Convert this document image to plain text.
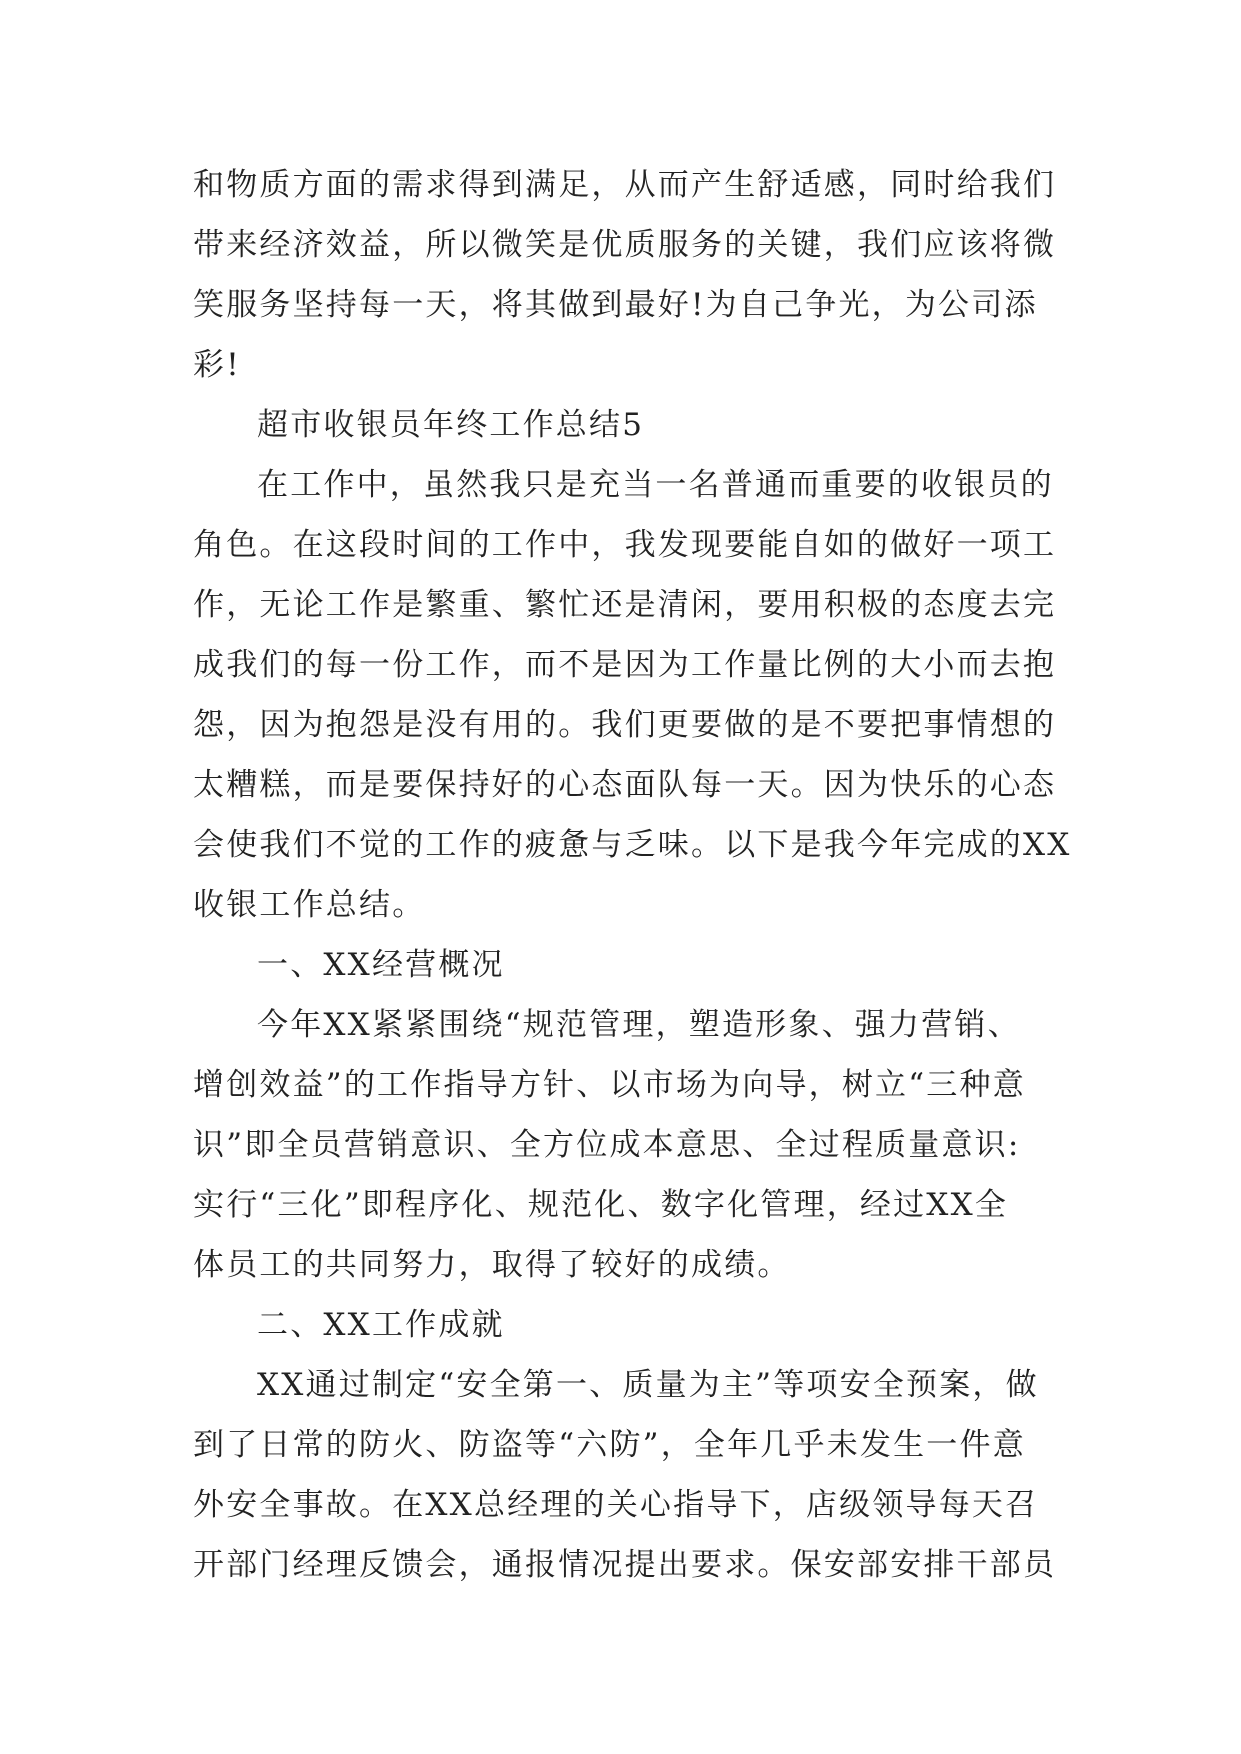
和物质方面的需求得到满足，从而产生舒适感，同时给我们
带来经济效益，所以微笑是优质服务的关键，我们应该将微
笑服务坚持每一天，将其做到最好!为自己争光，为公司添
彩!
超市收银员年终工作总结5
在工作中，虽然我只是充当一名普通而重要的收银员的
角色。在这段时间的工作中，我发现要能自如的做好一项工
作，无论工作是繁重、繁忙还是清闲，要用积极的态度去完
成我们的每一份工作，而不是因为工作量比例的大小而去抱
怨，因为抱怨是没有用的。我们更要做的是不要把事情想的
太糟糕，而是要保持好的心态面队每一天。因为快乐的心态
会使我们不觉的工作的疲惫与乏味。以下是我今年完成的XX
收银工作总结。
一、XX经营概况
今年XX紧紧围绕“规范管理，塑造形象、强力营销、
增创效益”的工作指导方针、以市场为向导，树立“三种意
识”即全员营销意识、全方位成本意思、全过程质量意识:
实行“三化”即程序化、规范化、数字化管理，经过XX全
体员工的共同努力，取得了较好的成绩。
二、XX工作成就
XX通过制定“安全第一、质量为主”等项安全预案，做
到了日常的防火、防盗等“六防”，全年几乎未发生一件意
外安全事故。在XX总经理的关心指导下，店级领导每天召
开部门经理反馈会，通报情况提出要求。保安部安排干部员
